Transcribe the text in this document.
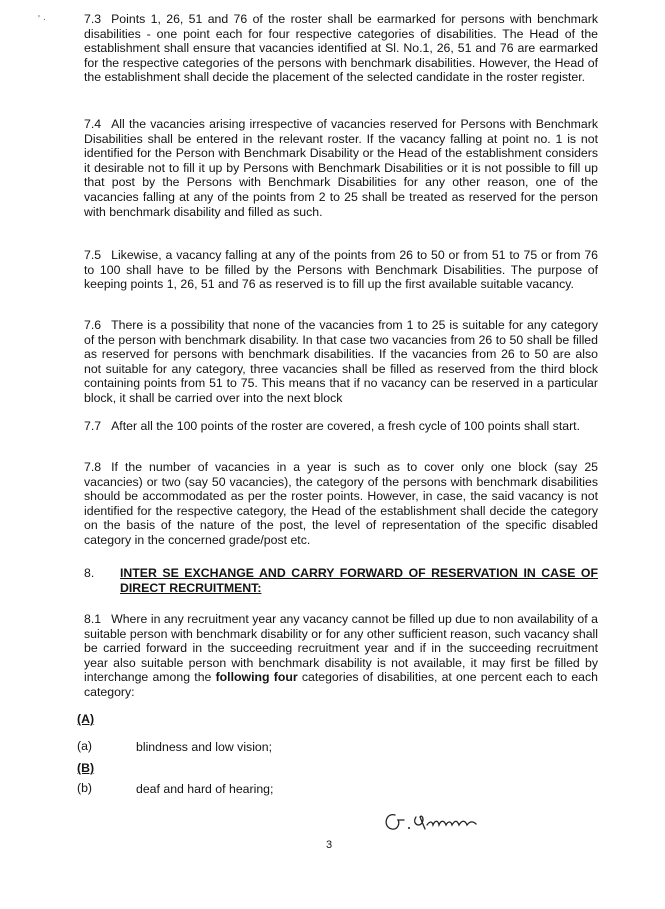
' ·	7.3 Points 1, 26, 51 and 76 of the roster shall be earmarked for persons with benchmark disabilities - one point each for four respective categories of disabilities. The Head of the establishment shall ensure that vacancies identified at Sl. No.1, 26, 51 and 76 are earmarked for the respective categories of the persons with benchmark disabilities. However, the Head of the establishment shall decide the placement of the selected candidate in the roster register.

7.4 All the vacancies arising irrespective of vacancies reserved for Persons with Benchmark Disabilities shall be entered in the relevant roster. If the vacancy falling at point no. 1 is not identified for the Person with Benchmark Disability or the Head of the establishment considers it desirable not to fill it up by Persons with Benchmark Disabilities or it is not possible to fill up that post by the Persons with Benchmark Disabilities for any other reason, one of the vacancies falling at any of the points from 2 to 25 shall be treated as reserved for the person with benchmark disability and filled as such.

7.5 Likewise, a vacancy falling at any of the points from 26 to 50 or from 51 to 75 or from 76 to 100 shall have to be filled by the Persons with Benchmark Disabilities. The purpose of keeping points 1, 26, 51 and 76 as reserved is to fill up the first available suitable vacancy.

7.6 There is a possibility that none of the vacancies from 1 to 25 is suitable for any category of the person with benchmark disability. In that case two vacancies from 26 to 50 shall be filled as reserved for persons with benchmark disabilities. If the vacancies from 26 to 50 are also not suitable for any category, three vacancies shall be filled as reserved from the third block containing points from 51 to 75. This means that if no vacancy can be reserved in a particular block, it shall be carried over into the next block

7.7 After all the 100 points of the roster are covered, a fresh cycle of 100 points shall start.

7.8 If the number of vacancies in a year is such as to cover only one block (say 25 vacancies) or two (say 50 vacancies), the category of the persons with benchmark disabilities should be accommodated as per the roster points. However, in case, the said vacancy is not identified for the respective category, the Head of the establishment shall decide the category on the basis of the nature of the post, the level of representation of the specific disabled category in the concerned grade/post etc.

8. INTER SE EXCHANGE AND CARRY FORWARD OF RESERVATION IN CASE OF DIRECT RECRUITMENT:

8.1 Where in any recruitment year any vacancy cannot be filled up due to non availability of a suitable person with benchmark disability or for any other sufficient reason, such vacancy shall be carried forward in the succeeding recruitment year and if in the succeeding recruitment year also suitable person with benchmark disability is not available, it may first be filled by interchange among the following four categories of disabilities, at one percent each to each category:

(A)
(a)	blindness and low vision;
(B)
(b)	deaf and hard of hearing;
3
